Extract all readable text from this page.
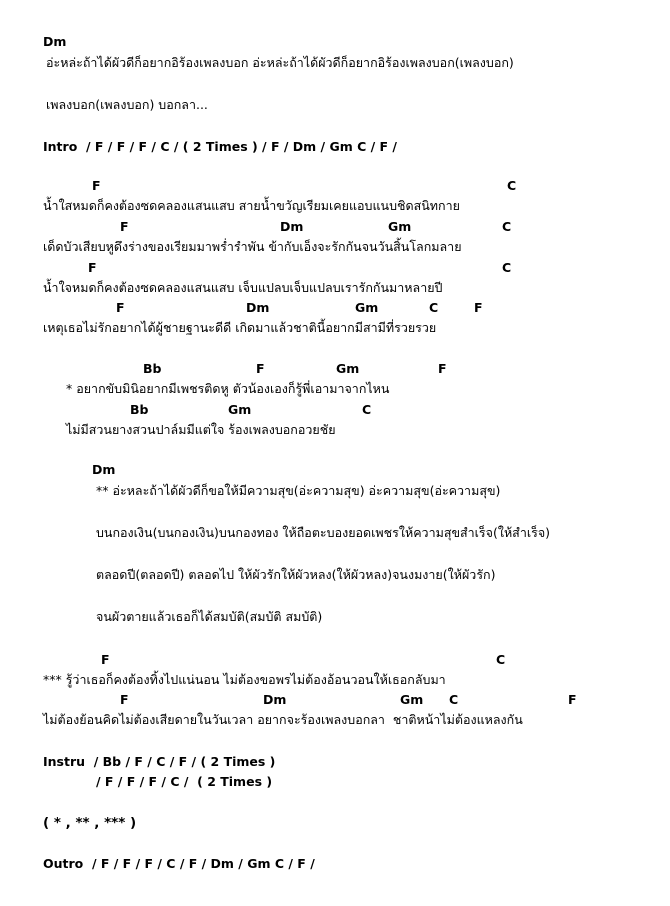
Dm
อ่ะหล่ะถ้าได้ผัวดีก็อยากอิร้องเพลงบอก อ่ะหล่ะถ้าได้ผัวดีก็อยากอิร้องเพลงบอก(เพลงบอก)
เพลงบอก(เพลงบอก) บอกลา...
Intro  / F / F / F / C / ( 2 Times ) / F / Dm / Gm C / F /
F	C
น้ำใสหมดก็คงต้องซดคลองแสนแสบ สายน้ำขวัญเรียมเคยแอบแนบชิดสนิทกาย
F	Dm	Gm	C
เด็ดบัวเสียบหูดึงร่างของเรียมมาพร่ำรำพัน ข้ากับเอ็งจะรักกันจนวันสิ้นโลกมลาย
F	C
น้ำใจหมดก็คงต้องซดคลองแสนแสบ เจ็บแปลบเจ็บแปลบเรารักกันมาหลายปี
F	Dm	Gm	C	F
เหตุเธอไม่รักอยากได้ผู้ชายฐานะดีดี เกิดมาแล้วชาตินี้อยากมีสามีที่รวยรวย
Bb	F	Gm	F
* อยากขับมินิอยากมีเพชรติดหู ตัวน้องเองก็รู้พี่เอามาจากไหน
Bb	Gm	C
ไม่มีสวนยางสวนปาล์มมีแต่ใจ ร้องเพลงบอกอวยชัย
Dm
** อ่ะหละถ้าได้ผัวดีก็ขอให้มีความสุข(อ่ะความสุข) อ่ะความสุข(อ่ะความสุข)
บนกองเงิน(บนกองเงิน)บนกองทอง ให้ถือตะบองยอดเพชรให้ความสุขสำเร็จ(ให้สำเร็จ)
ตลอดปี(ตลอดปี) ตลอดไป ให้ผัวรักให้ผัวหลง(ให้ผัวหลง)จนงมงาย(ให้ผัวรัก)
จนผัวตายแล้วเธอก็ได้สมบัติ(สมบัติ สมบัติ)
F	C
*** รู้ว่าเธอก็คงต้องทิ้งไปแน่นอน ไม่ต้องขอพรไม่ต้องอ้อนวอนให้เธอกลับมา
F	Dm	Gm C	F
ไม่ต้องย้อนคิดไม่ต้องเสียดายในวันเวลา อยากจะร้องเพลงบอกลา  ชาติหน้าไม่ต้องแหลงกัน
Instru  / Bb / F / C / F / ( 2 Times )
/ F / F / F / C /  ( 2 Times )
( * , ** , *** )
Outro  / F / F / F / C / F / Dm / Gm C / F /
